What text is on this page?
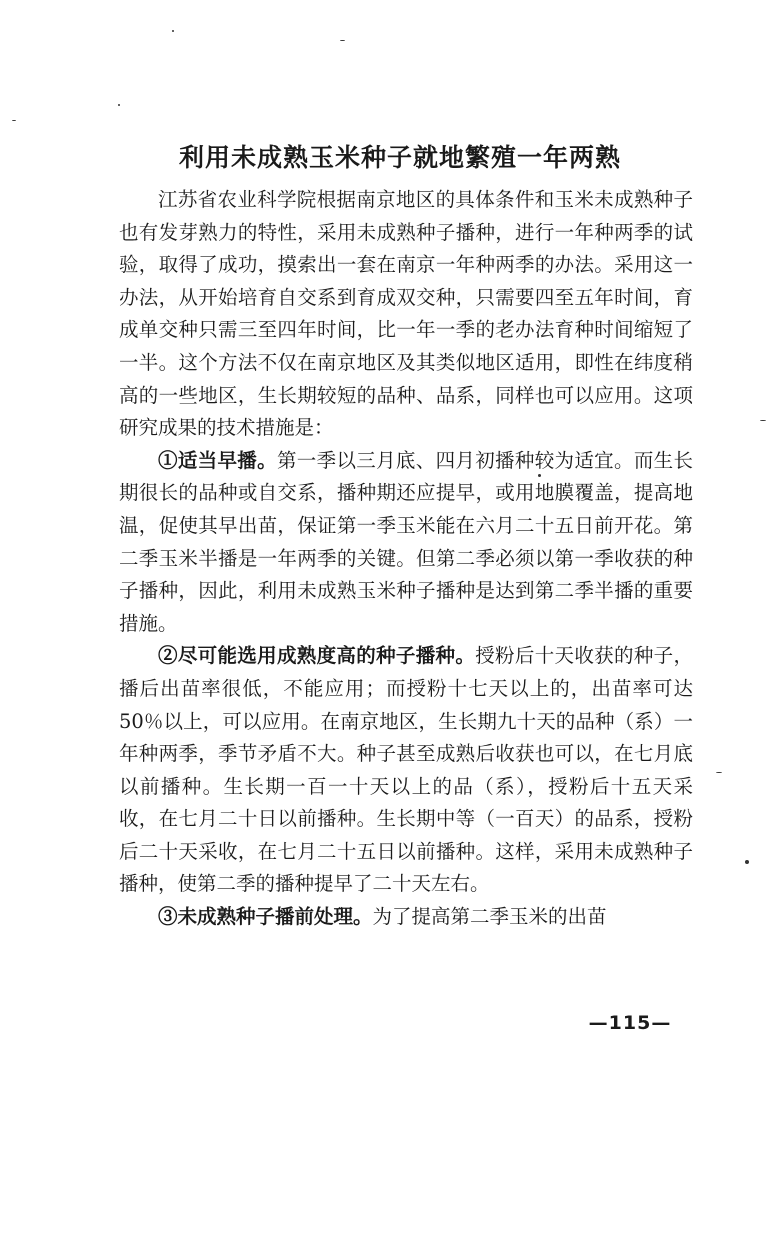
利用未成熟玉米种子就地繁殖一年两熟

江苏省农业科学院根据南京地区的具体条件和玉米未成熟种子也有发芽熟力的特性，采用未成熟种子播种，进行一年种两季的试验，取得了成功，摸索出一套在南京一年种两季的办法。采用这一办法，从开始培育自交系到育成双交种，只需要四至五年时间，育成单交种只需三至四年时间，比一年一季的老办法育种时间缩短了一半。这个方法不仅在南京地区及其类似地区适用，即性在纬度稍高的一些地区，生长期较短的品种、品系，同样也可以应用。这项研究成果的技术措施是：

①适当早播。第一季以三月底、四月初播种较为适宜。而生长期很长的品种或自交系，播种期还应提早，或用地膜覆盖，提高地温，促使其早出苗，保证第一季玉米能在六月二十五日前开花。第二季玉米半播是一年两季的关键。但第二季必须以第一季收获的种子播种，因此，利用未成熟玉米种子播种是达到第二季半播的重要措施。

②尽可能选用成熟度高的种子播种。授粉后十天收获的种子，播后出苗率很低，不能应用；而授粉十七天以上的，出苗率可达50％以上，可以应用。在南京地区，生长期九十天的品种（系）一年种两季，季节矛盾不大。种子甚至成熟后收获也可以，在七月底以前播种。生长期一百一十天以上的品（系），授粉后十五天采收，在七月二十日以前播种。生长期中等（一百天）的品系，授粉后二十天采收，在七月二十五日以前播种。这样，采用未成熟种子播种，使第二季的播种提早了二十天左右。

③未成熟种子播前处理。为了提高第二季玉米的出苗

—115—
